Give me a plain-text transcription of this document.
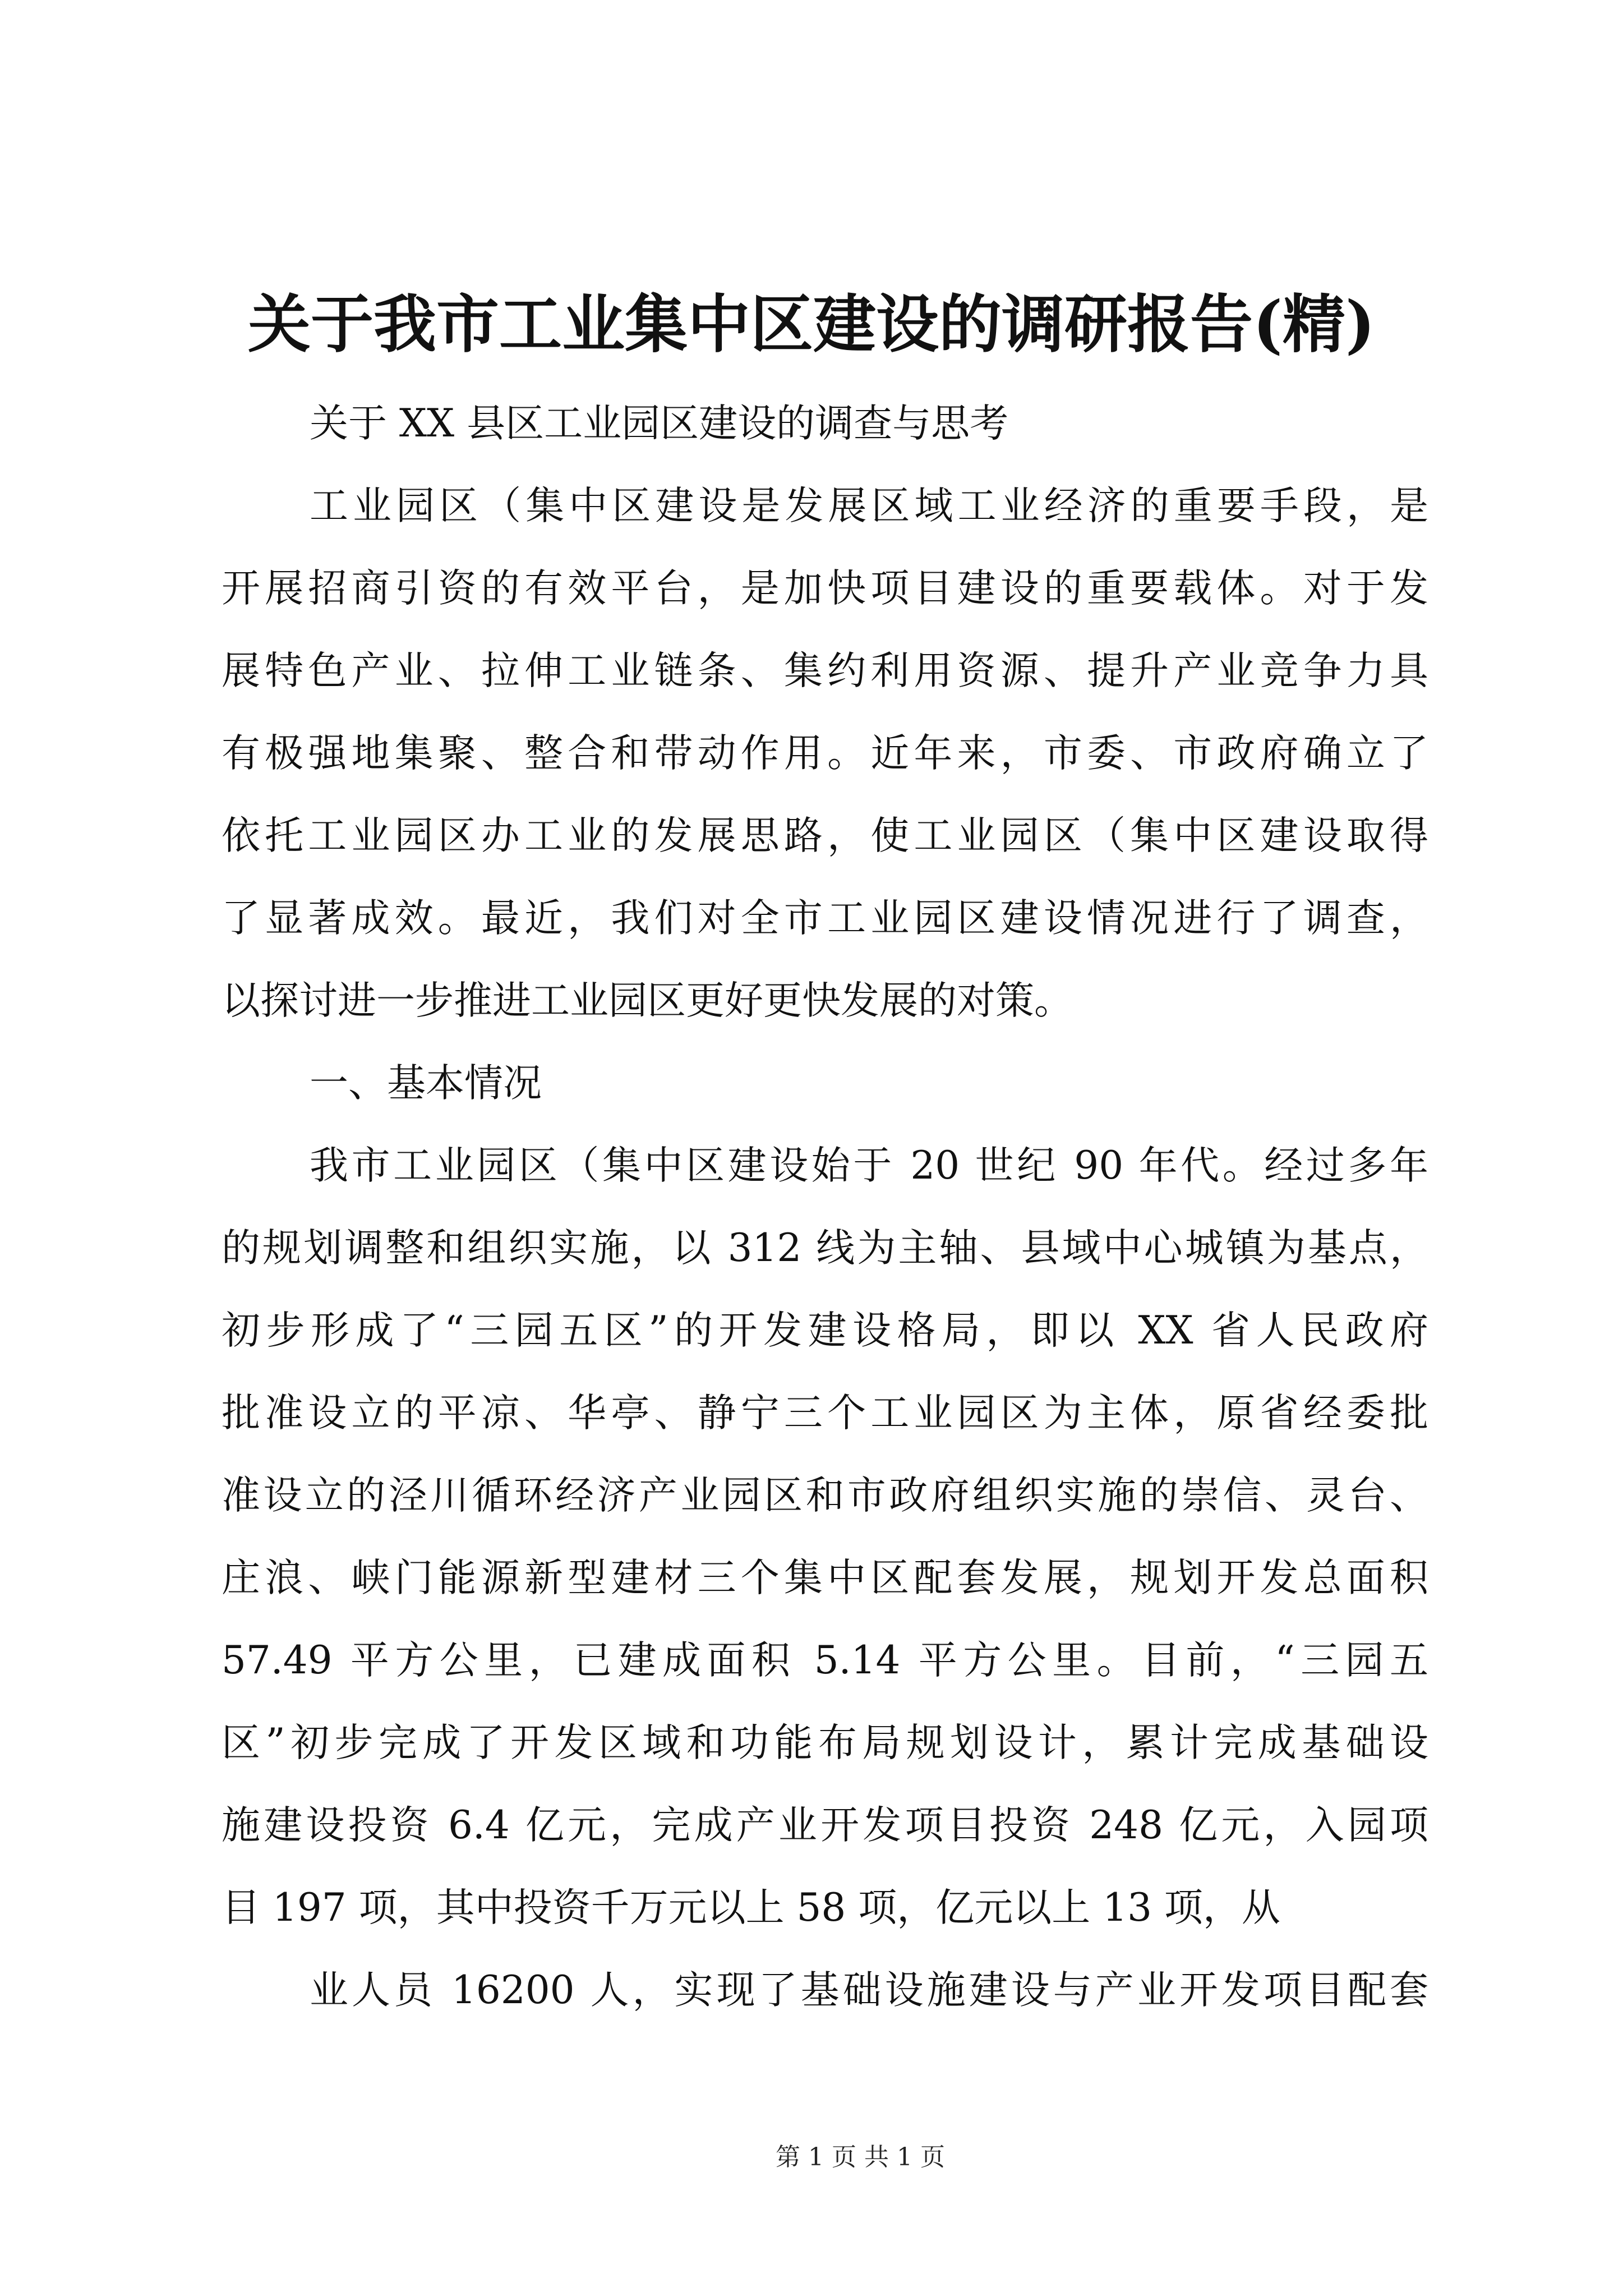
关于我市工业集中区建设的调研报告(精)
关于 XX 县区工业园区建设的调查与思考
工业园区（集中区建设是发展区域工业经济的重要手段，是
开展招商引资的有效平台，是加快项目建设的重要载体。对于发
展特色产业、拉伸工业链条、集约利用资源、提升产业竞争力具
有极强地集聚、整合和带动作用。近年来，市委、市政府确立了
依托工业园区办工业的发展思路，使工业园区（集中区建设取得
了显著成效。最近，我们对全市工业园区建设情况进行了调查，
以探讨进一步推进工业园区更好更快发展的对策。
一、基本情况
我市工业园区（集中区建设始于 20 世纪 90 年代。经过多年
的规划调整和组织实施，以 312 线为主轴、县域中心城镇为基点，
初步形成了“三园五区”的开发建设格局，即以 XX 省人民政府
批准设立的平凉、华亭、静宁三个工业园区为主体，原省经委批
准设立的泾川循环经济产业园区和市政府组织实施的崇信、灵台、
庄浪、峡门能源新型建材三个集中区配套发展，规划开发总面积
57.49 平方公里，已建成面积 5.14 平方公里。目前，“三园五
区”初步完成了开发区域和功能布局规划设计，累计完成基础设
施建设投资 6.4 亿元，完成产业开发项目投资 248 亿元，入园项
目 197 项，其中投资千万元以上 58 项，亿元以上 13 项，从
业人员 16200 人，实现了基础设施建设与产业开发项目配套
第 1 页 共 1 页
